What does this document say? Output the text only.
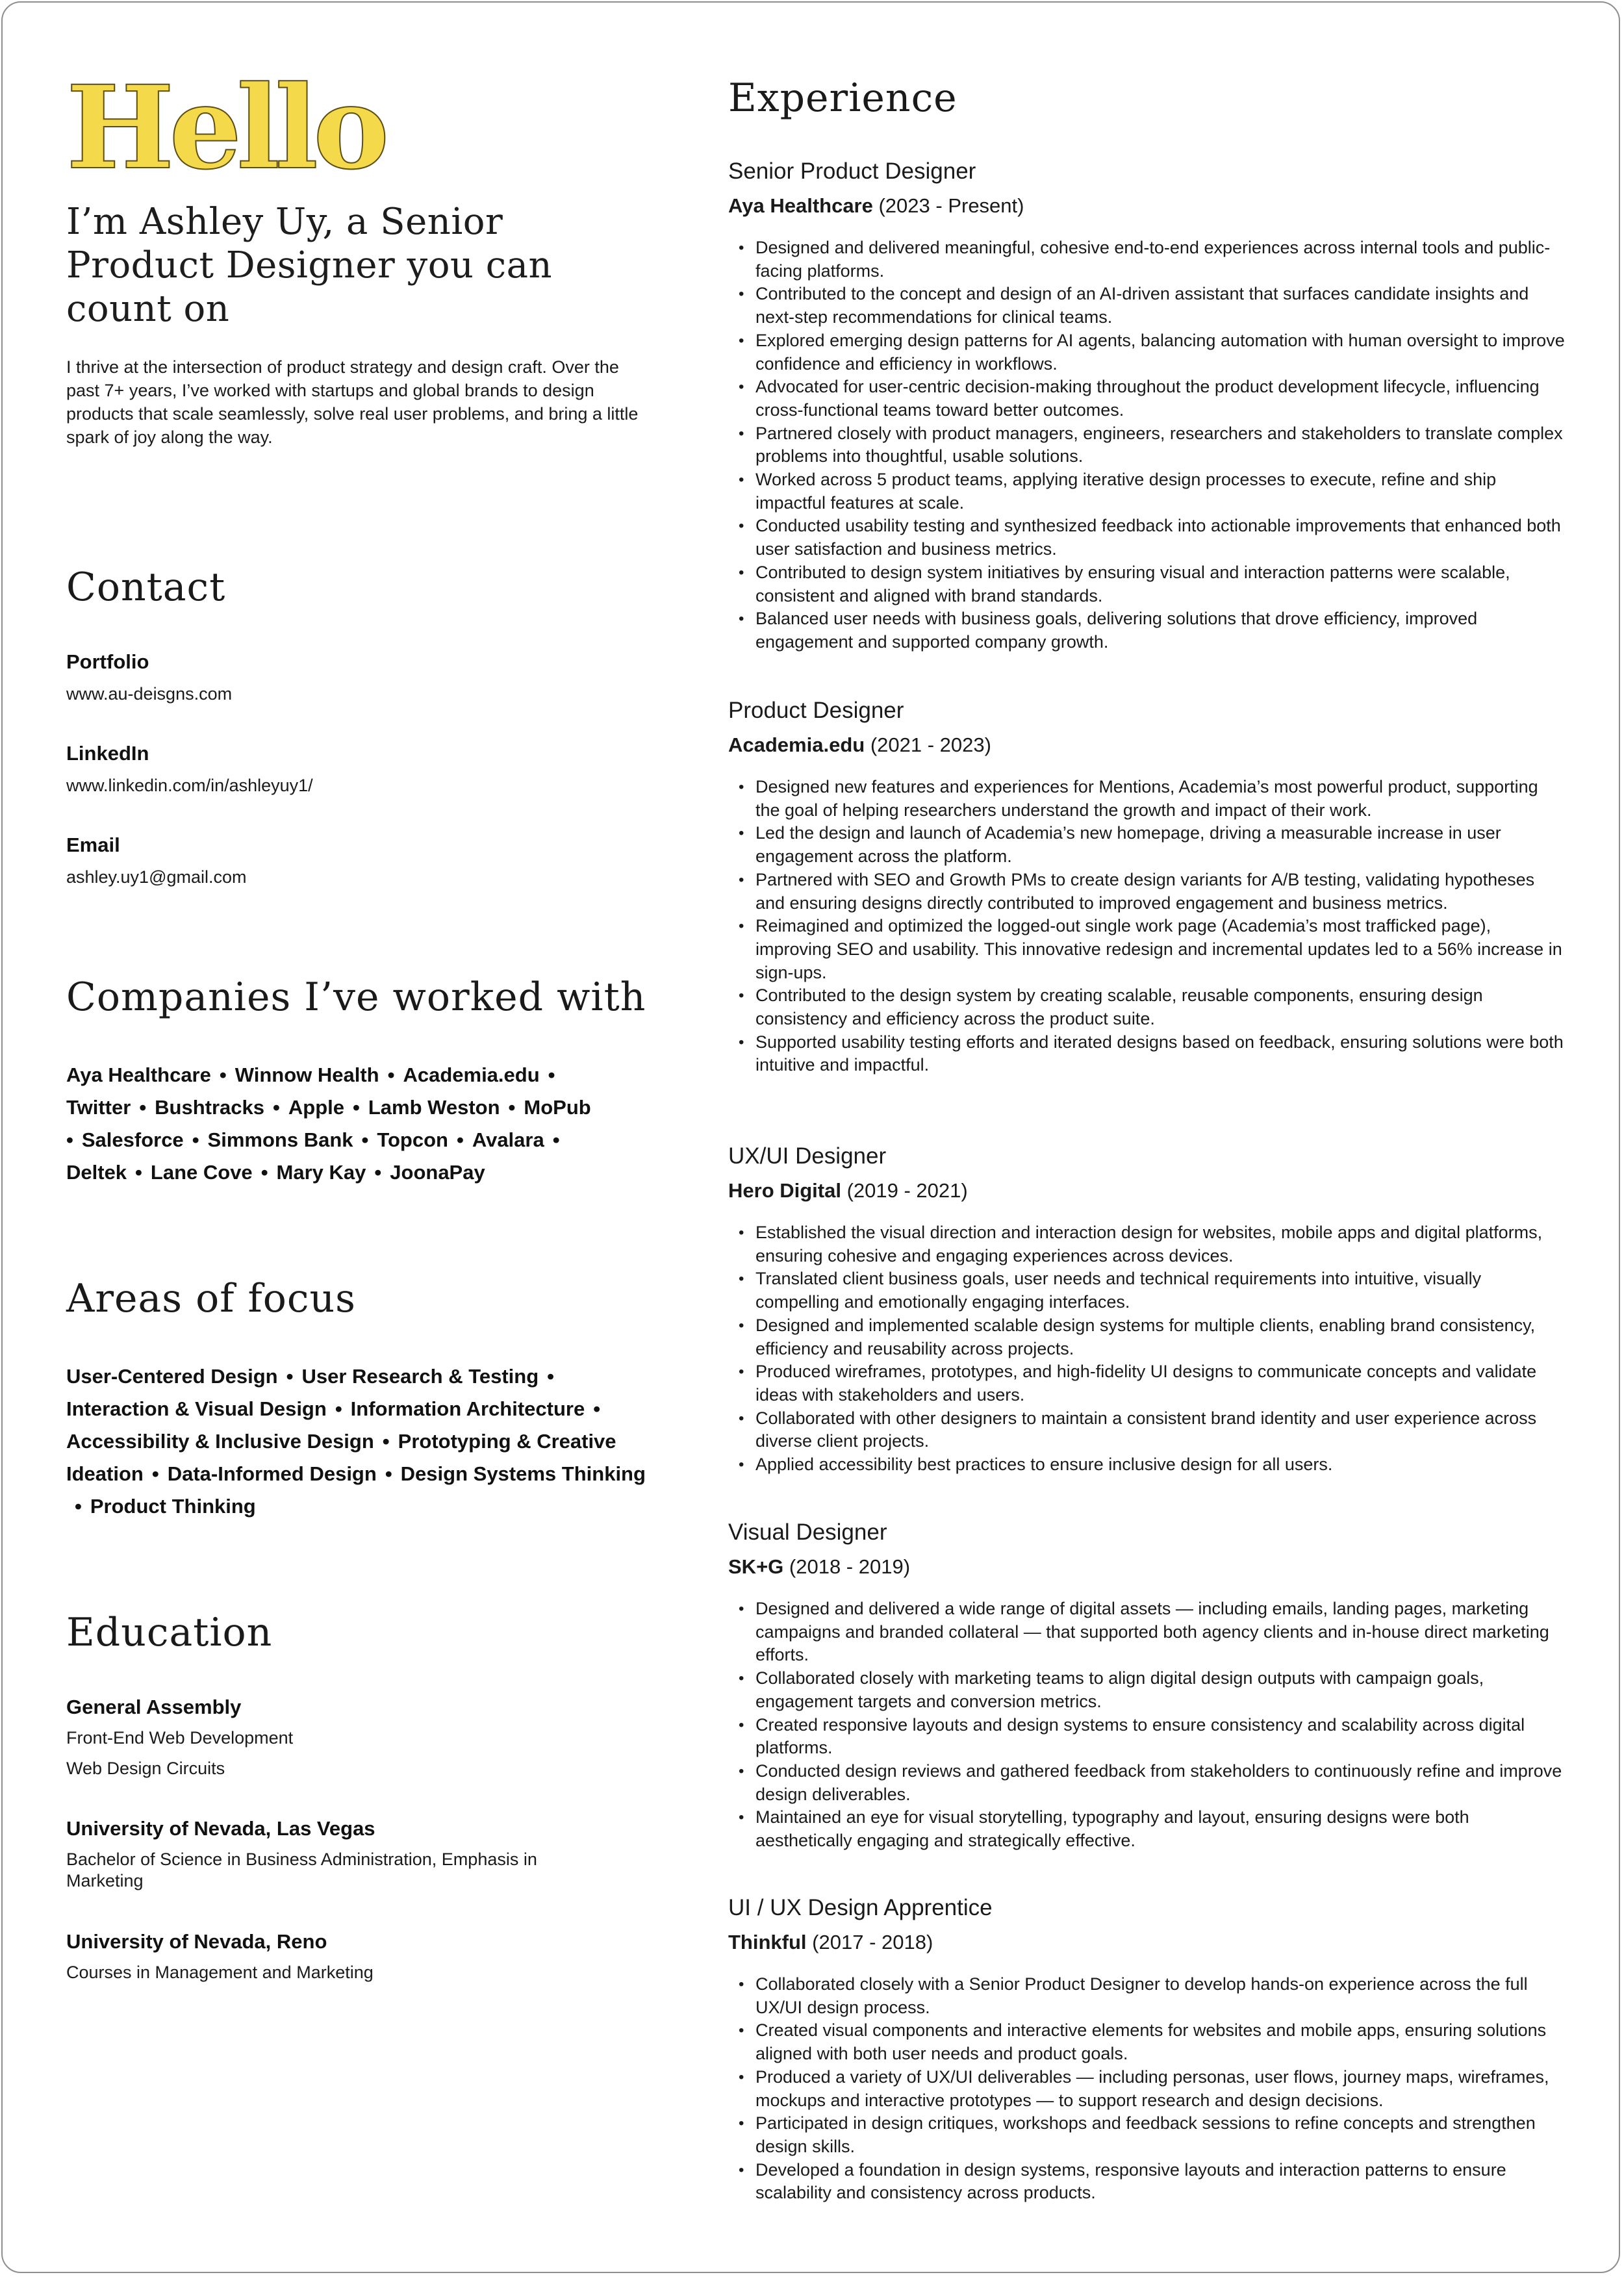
Hello
I’m Ashley Uy, a Senior Product Designer you can count on

I thrive at the intersection of product strategy and design craft. Over the past 7+ years, I’ve worked with startups and global brands to design products that scale seamlessly, solve real user problems, and bring a little spark of joy along the way.

Contact
Portfolio
www.au-deisgns.com
LinkedIn
www.linkedin.com/in/ashleyuy1/
Email
ashley.uy1@gmail.com
Companies I’ve worked with
Aya Healthcare • Winnow Health • Academia.edu •
Twitter • Bushtracks • Apple • Lamb Weston • MoPub
• Salesforce • Simmons Bank • Topcon • Avalara •
Deltek • Lane Cove • Mary Kay • JoonaPay
Areas of focus
User-Centered Design • User Research & Testing •
Interaction & Visual Design • Information Architecture •
Accessibility & Inclusive Design • Prototyping & Creative Ideation • Data-Informed Design • Design Systems Thinking• Product Thinking
Education
General Assembly
Front-End Web Development
Web Design Circuits
University of Nevada, Las Vegas
Bachelor of Science in Business Administration, Emphasis in Marketing
University of Nevada, Reno
Courses in Management and Marketing
Experience
Senior Product Designer
Aya Healthcare (2023 - Present)
• Designed and delivered meaningful, cohesive end-to-end experiences across internal tools and public-facing platforms.
• Contributed to the concept and design of an AI-driven assistant that surfaces candidate insights and next-step recommendations for clinical teams.
• Explored emerging design patterns for AI agents, balancing automation with human oversight to improve confidence and efficiency in workflows.
• Advocated for user-centric decision-making throughout the product development lifecycle, influencing cross-functional teams toward better outcomes.
• Partnered closely with product managers, engineers, researchers and stakeholders to translate complex problems into thoughtful, usable solutions.
• Worked across 5 product teams, applying iterative design processes to execute, refine and ship impactful features at scale.
• Conducted usability testing and synthesized feedback into actionable improvements that enhanced both user satisfaction and business metrics.
• Contributed to design system initiatives by ensuring visual and interaction patterns were scalable, consistent and aligned with brand standards.
• Balanced user needs with business goals, delivering solutions that drove efficiency, improved engagement and supported company growth.
Product Designer
Academia.edu (2021 - 2023)
• Designed new features and experiences for Mentions, Academia’s most powerful product, supporting the goal of helping researchers understand the growth and impact of their work.
• Led the design and launch of Academia’s new homepage, driving a measurable increase in user engagement across the platform.
• Partnered with SEO and Growth PMs to create design variants for A/B testing, validating hypotheses and ensuring designs directly contributed to improved engagement and business metrics.
• Reimagined and optimized the logged-out single work page (Academia’s most trafficked page), improving SEO and usability. This innovative redesign and incremental updates led to a 56% increase in sign-ups.
• Contributed to the design system by creating scalable, reusable components, ensuring design consistency and efficiency across the product suite.
• Supported usability testing efforts and iterated designs based on feedback, ensuring solutions were both intuitive and impactful.
UX/UI Designer
Hero Digital (2019 - 2021)
• Established the visual direction and interaction design for websites, mobile apps and digital platforms, ensuring cohesive and engaging experiences across devices.
• Translated client business goals, user needs and technical requirements into intuitive, visually compelling and emotionally engaging interfaces.
• Designed and implemented scalable design systems for multiple clients, enabling brand consistency, efficiency and reusability across projects.
• Produced wireframes, prototypes, and high-fidelity UI designs to communicate concepts and validate ideas with stakeholders and users.
• Collaborated with other designers to maintain a consistent brand identity and user experience across diverse client projects.
• Applied accessibility best practices to ensure inclusive design for all users.
Visual Designer
SK+G (2018 - 2019)
• Designed and delivered a wide range of digital assets — including emails, landing pages, marketing campaigns and branded collateral — that supported both agency clients and in-house direct marketing efforts.
• Collaborated closely with marketing teams to align digital design outputs with campaign goals, engagement targets and conversion metrics.
• Created responsive layouts and design systems to ensure consistency and scalability across digital platforms.
• Conducted design reviews and gathered feedback from stakeholders to continuously refine and improve design deliverables.
• Maintained an eye for visual storytelling, typography and layout, ensuring designs were both aesthetically engaging and strategically effective.
UI / UX Design Apprentice
Thinkful (2017 - 2018)
• Collaborated closely with a Senior Product Designer to develop hands-on experience across the full UX/UI design process.
• Created visual components and interactive elements for websites and mobile apps, ensuring solutions aligned with both user needs and product goals.
• Produced a variety of UX/UI deliverables — including personas, user flows, journey maps, wireframes, mockups and interactive prototypes — to support research and design decisions.
• Participated in design critiques, workshops and feedback sessions to refine concepts and strengthen design skills.
• Developed a foundation in design systems, responsive layouts and interaction patterns to ensure scalability and consistency across products.
